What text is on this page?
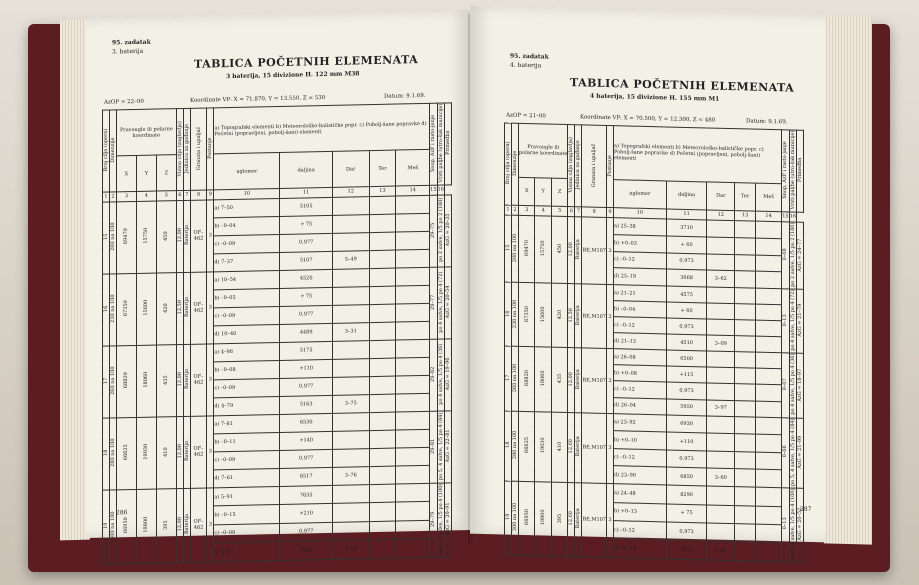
95. zadatak
3. baterija
TABLICA POČETNIH ELEMENATA
3 baterija, 15 divizione H. 122 mm M38
AzOP = 22–00	Koordinate VP: X = 71.870, Y = 13.550, Z = 530	Datum: 9.1.69.
Broj cilja (opera)	Dimenzije	Pravougle ili polarne koordinate			Visina cilja (zaglavlja)	Jedinica za gađanje	Granata i upaljač	Postanje	a) Topografski elementi b) Meteorološko-balističke popr. c) Pobolj-šane popravke d) Početni (popravljeni, pobolj-šani) elementi					Snop, AzF i rasto-janje	Vrsti paljbe (utro-šak municije)	Primedba
		X	Y	Z					uglomer	daljina	Dar	Ter	Meš			
1	2	3	4	5	6	7	8	9	10	11	12	13	14	15	16	
15	200 na 100	69470	15750	450	12,00	Baterija	OF–462	3	a) 7–50	5105				29–75	po 2 salve, 1/5 po 2 (180)	AzG = 20–35
									b) –0–04	+ 75						
									c) –0–09	0,977						
									d) 7–37	5107	5–49					
16	230 na 100	67350	15600	420	12,50	Baterija	OF–462	3	a) 10–54	4520				29–77	po 4 salve, 1/5 po 4 (72)	AzG = 20–54
									b) –0–05	+ 75						
									c) –0–09	0,977						
									d) 10–40	4489	3–31					
17	260 na 100	68820	18060	435	12,00	Baterija	OF–462	3	a) 4–96	5175				29–82	po 4 salve, 1/5 po 4 (36)	AzG = 19–96
									b) –0–08	+110						
									c) –0–09	0,977						
									d) 4–79	5163	3–75					
18	280 na 100	66625	19030	410	12,00	Baterija	OF–462	3	a) 7–81	6530				29–81	po 5, 4 salve, 1/5 po 4 (84)	AzG = 22–81
									b) –0–11	+140						
									c) –0–09	0,977						
									d) 7–61	6517	3–76					
19	300 na 100	66950	19800	395	12,00	Baterija	OF–462	3	a) 5–91	7635				29–79	po 3, 4 salve, 1/5 po 4 (100)	AzG = 20–91
									b) –0–15	+210						
									c) –0–09	0,977						
									d) 5–67	7665	4–89					
286
95. zadatak
4. baterija
TABLICA POČETNIH ELEMENATA
4 baterija, 15 divizione H. 155 mm M1
AzOP = 21–00	Koordinate VP: X = 70.500, Y = 12.300, Z = 480	Datum: 9.1.69.
Broj cilja (opera)	Dimenzije	Pravougle ili polarne koordinate			Visina cilja (zaglavlja)	Jedinica za gađanje	Granata i upaljač	Postanje	a) Topografski elementi b) Meteorološko-balističke popr. c) Pobolj-šane popravke d) Početni (popravljeni, pobolj-šani) elementi					Snop, AzF i rasto-janje	Vrsti paljbe (utro-šak municije)	Primedba
		X	Y	Z					uglomer	daljina	Dar	Ter	Meš			
1	2	3	4	5	6	7	8	9	10	11	12	13	14	15	16	
15	200 na 100	69470	15750	450	12,00	Baterija	BE,M107	3	a) 25–38	3710				0–08	po 2 salve, 1/5 po 2 (180)	AzG = 24–77
									b) +0–03	+ 60						
									c) –0–12	0,973						
									d) 25–19	3668	3–62					
16	230 na 100	67350	15600	420	12,50	Baterija	BE,M107	3	a) 21–21	4575				0–13	po 4 salve, 1/5 po 4 (72)	AzG = 21–79
									b) –0–04	+ 60						
									c) –0–12	0,973						
									d) 21–13	4510	3–09					
17	260 na 100	68820	18060	435	12,00	Baterija	BE,M107	3	a) 26–08	6500				0–07	po 4 salve, 1/5 po 4 (36)	AzG = 18–97
									b) +0–08	+115						
									c) –0–12	0,973						
									d) 26–04	5950	3–97					
18	280 na 100	66625	19030	410	12,00	Baterija	BE,M107	3	a) 23–92	6930				0–06	po 5, 4 salve, 1/5 po 4 (84)	AzG = 21–99
									b) +0–10	+110						
									c) –0–12	0,973						
									d) 23–90	6850	3–60					
19	300 na 100	66950	19800	395	12,00	Baterija	BE,M107	3	a) 24–48	8290				0–13	po 3, 4 salve, 1/5 po 4 (100)	AzG = 20–52
									b) +0–13	+ 75						
									c) –0–12	0,973						
									d) 24–49	8217	4–63					
287
